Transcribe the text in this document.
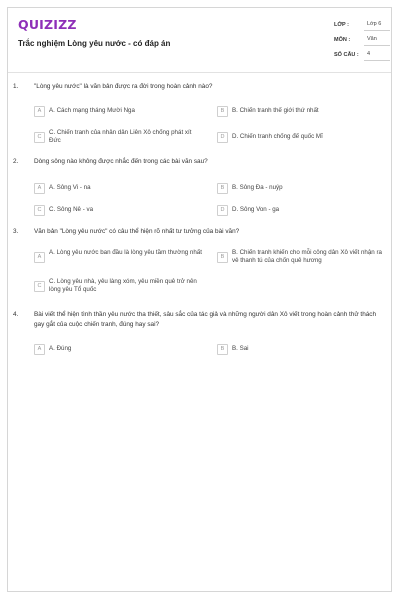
QUIZIZZ
Trắc nghiệm Lòng yêu nước - có đáp án
LỚP :	Lớp 6
MÔN :	Văn
SỐ CÂU :	4
1. "Lòng yêu nước" là văn bản được ra đời trong hoàn cảnh nào?
A	A. Cách mạng tháng Mười Nga	B	B. Chiến tranh thế giới thứ nhất
C
C. Chiến tranh của nhân dân Liên Xô chống phát xít Đức	D	D. Chiến tranh chống đế quốc Mĩ
2. Dòng sông nào không được nhắc đến trong các bài văn sau?
A	A. Sông Vi - na	B	B. Sông Đa - nuýp
C	C. Sông Nê - va	D	D. Sông Von - ga
3. Văn bản "Lòng yêu nước" có câu thể hiện rõ nhất tư tưởng của bài văn?
A
A. Lòng yêu nước ban đầu là lòng yêu tầm thường nhất
B
B. Chiến tranh khiến cho mỗi công dân Xô viết nhận ra vẻ thanh tú của chốn quê hương
C
C. Lòng yêu nhà, yêu làng xóm, yêu miền quê trở nên lòng yêu Tổ quốc
4. Bài viết thể hiện tình thần yêu nước tha thiết, sâu sắc của tác giả và những người dân Xô viết trong hoàn cảnh thử thách gay gắt của cuộc chiến tranh, đúng hay sai?
A	A. Đúng	B	B. Sai
